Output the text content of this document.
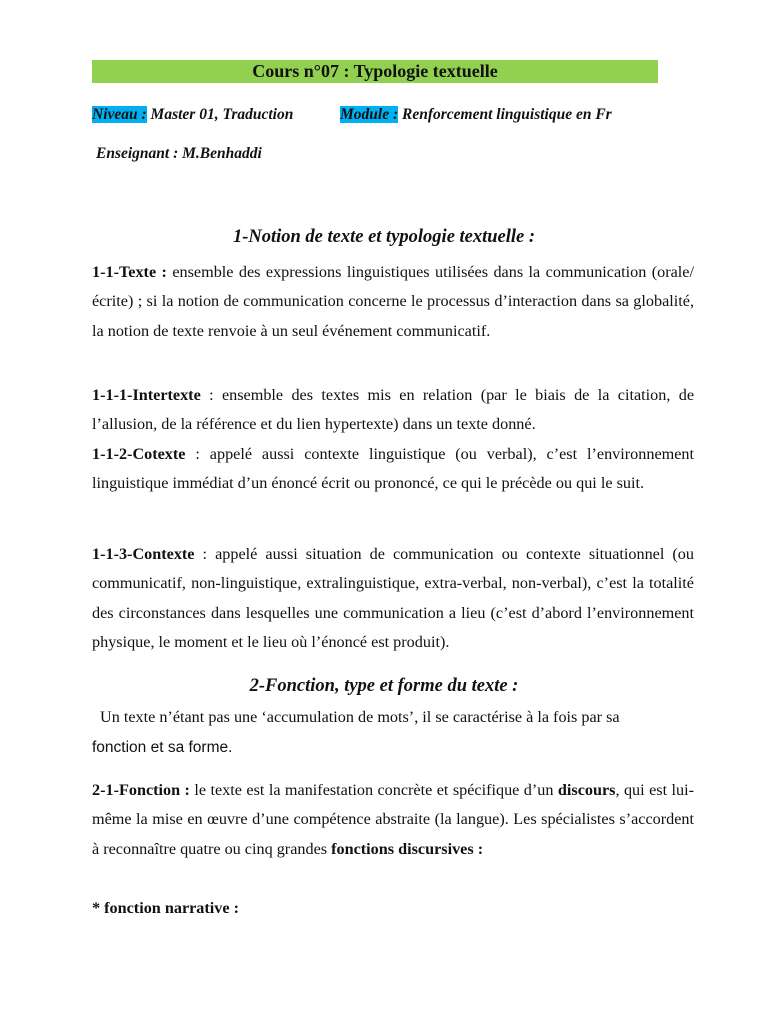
Cours n°07 : Typologie textuelle
Niveau : Master 01, Traduction	Module : Renforcement linguistique en Fr
Enseignant : M.Benhaddi
1-Notion de texte et typologie textuelle :

1-1-Texte : ensemble des expressions linguistiques utilisées dans la communication (orale/écrite) ; si la notion de communication concerne le processus d’interaction dans sa globalité, la notion de texte renvoie à un seul événement communicatif.

1-1-1-Intertexte : ensemble des textes mis en relation (par le biais de la citation, de l’allusion, de la référence et du lien hypertexte) dans un texte donné.

1-1-2-Cotexte : appelé aussi contexte linguistique (ou verbal), c’est l’environnement linguistique immédiat d’un énoncé écrit ou prononcé, ce qui le précède ou qui le suit.

1-1-3-Contexte : appelé aussi situation de communication ou contexte situationnel (ou communicatif, non-linguistique, extralinguistique, extra-verbal, non-verbal), c’est la totalité des circonstances dans lesquelles une communication a lieu (c’est d’abord l’environnement physique, le moment et le lieu où l’énoncé est produit).

2-Fonction, type et forme du texte :
Un texte n’étant pas une ‘accumulation de mots’, il se caractérise à la fois par sa
fonction et sa forme.

2-1-Fonction : le texte est la manifestation concrète et spécifique d’un discours, qui est lui-même la mise en œuvre d’une compétence abstraite (la langue). Les spécialistes s’accordent à reconnaître quatre ou cinq grandes fonctions discursives :

* fonction narrative :
